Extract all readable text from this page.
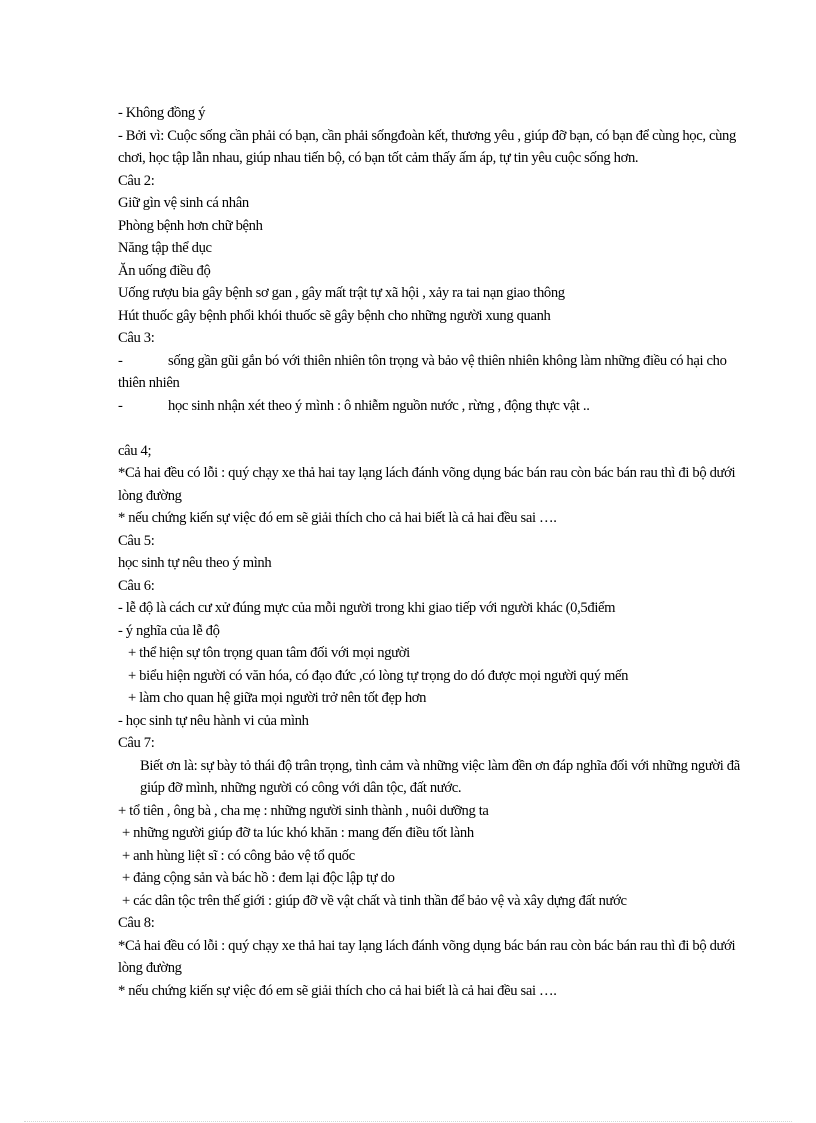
- Không đồng ý

- Bởi vì: Cuộc sống cần phải có bạn, cần phải sốngđoàn kết, thương yêu , giúp đỡ bạn, có bạn để cùng học, cùng chơi, học tập lẫn nhau, giúp nhau tiến bộ, có bạn tốt cảm thấy ấm áp, tự tin yêu cuộc sống hơn.

Câu 2:

Giữ gìn vệ sinh cá nhân

Phòng bệnh hơn chữ bệnh

Năng tập thể dục

Ăn uống điều độ

Uống rượu bia gây bệnh sơ gan , gây mất trật tự xã hội , xảy ra tai nạn giao thông

Hút thuốc gây bệnh phổi khói thuốc sẽ gây bệnh cho những người xung quanh

Câu 3:

-	sống gần gũi gắn bó với thiên nhiên tôn trọng và bảo vệ thiên nhiên không làm những điều có hại cho

thiên nhiên

-	học sinh nhận xét theo ý mình : ô nhiễm nguồn nước , rừng , động thực vật ..

câu 4;

*Cả hai đều có lỗi : quý chạy xe thả hai tay lạng lách đánh võng dụng bác bán rau còn bác bán rau thì đi bộ dưới lòng đường

* nếu chứng kiến sự việc đó em sẽ giải thích cho cả hai biết là cả hai đều sai ….

Câu 5:

học sinh tự nêu theo ý mình

Câu 6:

- lễ độ là cách cư xử đúng mực của mỗi người trong khi giao tiếp với người khác (0,5điểm

- ý nghĩa của lễ độ

+ thể hiện sự tôn trọng quan tâm đối với mọi người

+ biểu hiện người có văn hóa, có đạo đức ,có lòng tự trọng do dó được mọi người quý mến

+ làm cho quan hệ giữa mọi người trở nên tốt đẹp hơn

- học sinh tự nêu hành vi của mình

Câu 7:

Biết ơn là: sự bày tỏ thái độ trân trọng, tình cảm và những việc làm đền ơn đáp nghĩa đối với những người đã giúp đỡ mình, những người có công với dân tộc, đất nước.

+ tổ tiên , ông bà , cha mẹ : những người sinh thành , nuôi dưỡng ta

+ những người giúp đỡ ta lúc khó khăn : mang đến điều tốt lành

+ anh hùng liệt sĩ : có công bảo vệ tổ quốc

+ đảng cộng sản và bác hồ : đem lại độc lập tự do

+ các dân tộc trên thế giới : giúp đỡ về vật chất và tinh thần để bảo vệ và xây dựng đất nước

Câu 8:

*Cả hai đều có lỗi : quý chạy xe thả hai tay lạng lách đánh võng dụng bác bán rau còn bác bán rau thì đi bộ dưới lòng đường

* nếu chứng kiến sự việc đó em sẽ giải thích cho cả hai biết là cả hai đều sai ….
